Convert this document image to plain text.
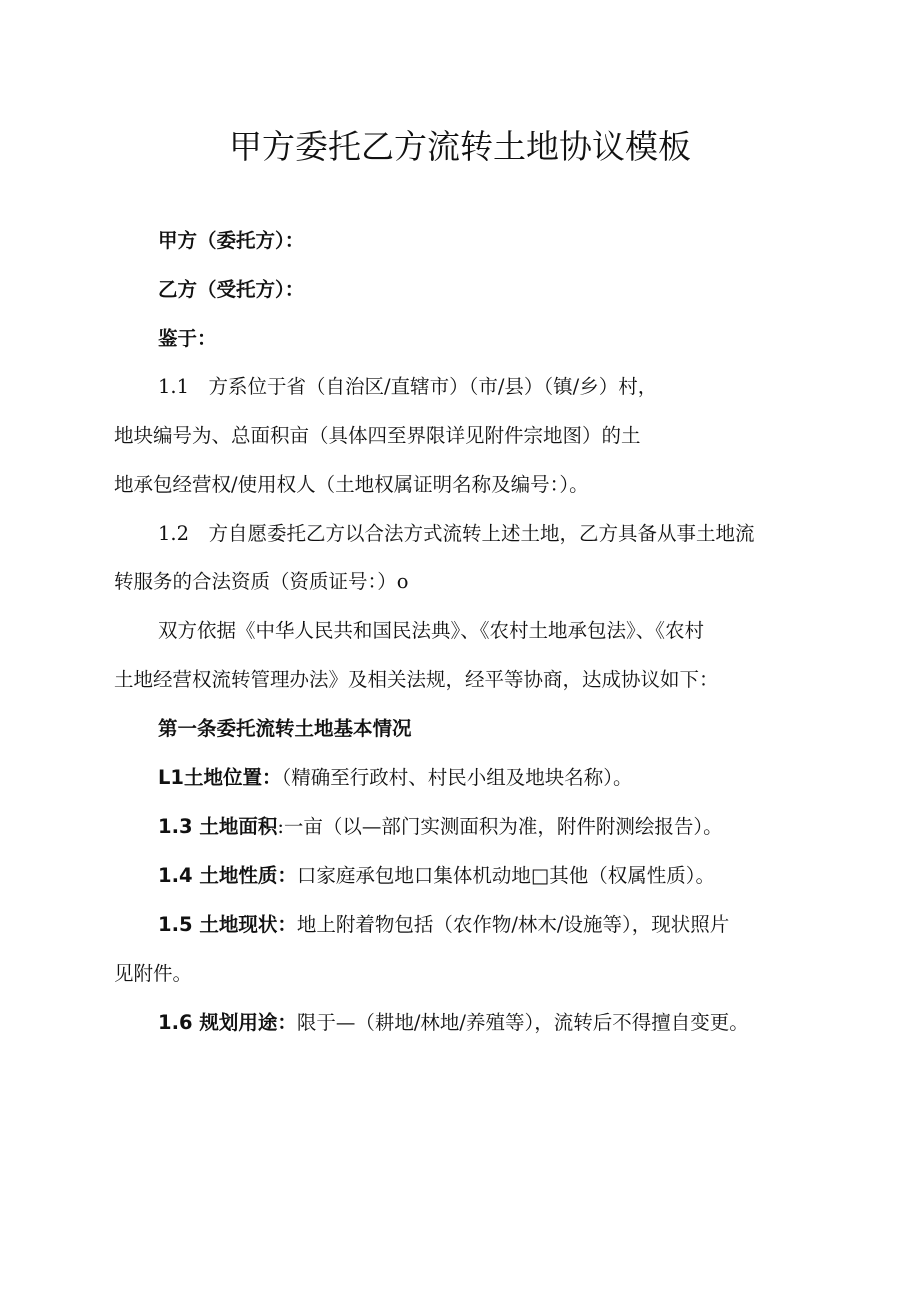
甲方委托乙方流转土地协议模板

甲方（委托方）：

乙方（受托方）：

鉴于：

1.1　方系位于省（自治区/直辖市）（市/县）（镇/乡）村，

地块编号为、总面积亩（具体四至界限详见附件宗地图）的土

地承包经营权/使用权人（土地权属证明名称及编号：）。

1.2　方自愿委托乙方以合法方式流转上述土地，乙方具备从事土地流

转服务的合法资质（资质证号：）o

双方依据《中华人民共和国民法典》、《农村土地承包法》、《农村

土地经营权流转管理办法》及相关法规，经平等协商，达成协议如下：

第一条委托流转土地基本情况

L1土地位置：（精确至行政村、村民小组及地块名称）。

1.3 土地面积:一亩（以—部门实测面积为准，附件附测绘报告）。

1.4 土地性质：口家庭承包地口集体机动地□其他（权属性质）。

1.5 土地现状：地上附着物包括（农作物/林木/设施等），现状照片

见附件。

1.6 规划用途：限于—（耕地/林地/养殖等），流转后不得擅自变更。
